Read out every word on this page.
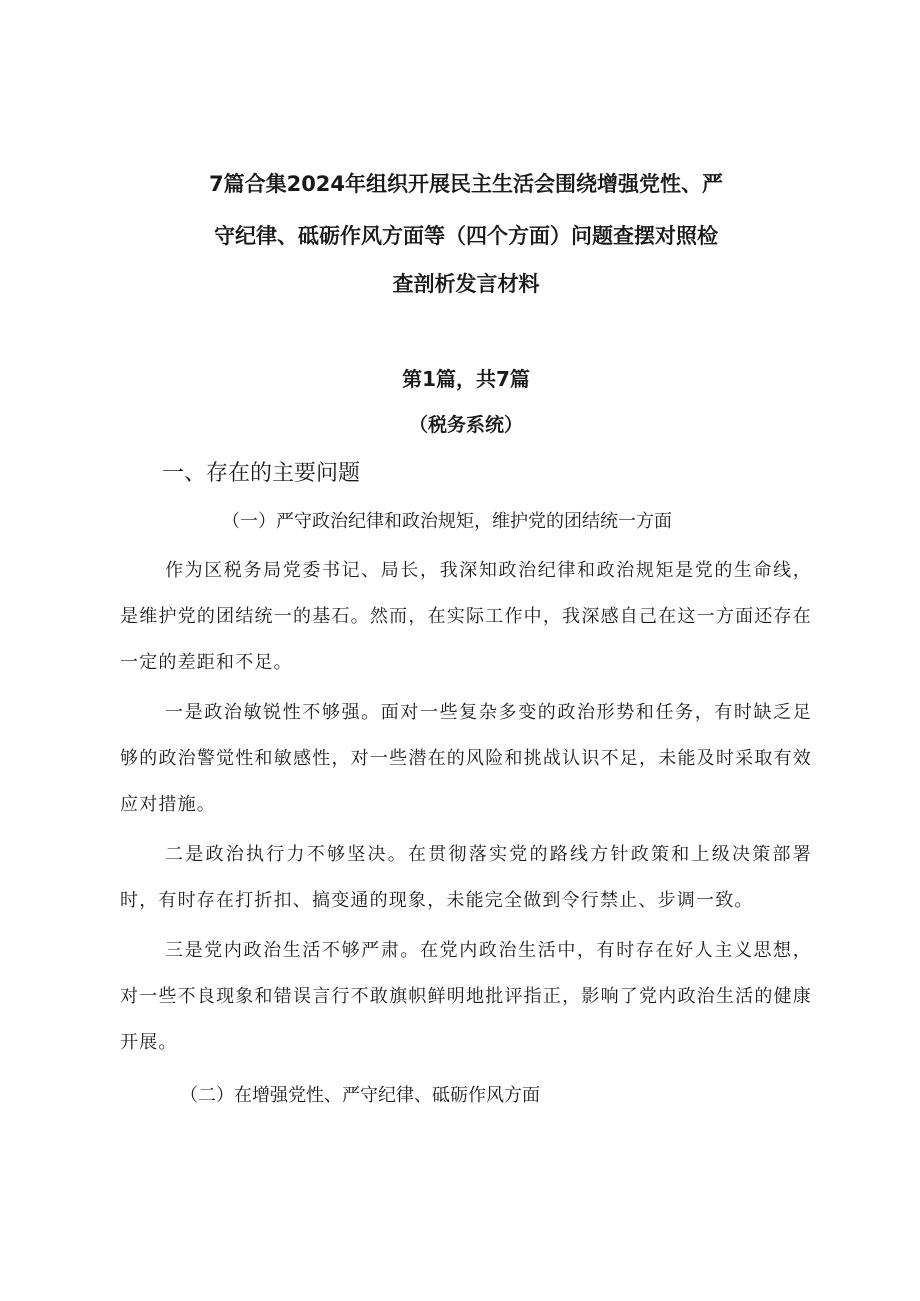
7篇合集2024年组织开展民主生活会围绕增强党性、严
守纪律、砥砺作风方面等（四个方面）问题查摆对照检
查剖析发言材料
第1篇，共7篇
（税务系统）
一、存在的主要问题
（一）严守政治纪律和政治规矩，维护党的团结统一方面
作为区税务局党委书记、局长，我深知政治纪律和政治规矩是党的生命线，是维护党的团结统一的基石。然而，在实际工作中，我深感自己在这一方面还存在一定的差距和不足。
一是政治敏锐性不够强。面对一些复杂多变的政治形势和任务，有时缺乏足够的政治警觉性和敏感性，对一些潜在的风险和挑战认识不足，未能及时采取有效应对措施。
二是政治执行力不够坚决。在贯彻落实党的路线方针政策和上级决策部署时，有时存在打折扣、搞变通的现象，未能完全做到令行禁止、步调一致。
三是党内政治生活不够严肃。在党内政治生活中，有时存在好人主义思想，对一些不良现象和错误言行不敢旗帜鲜明地批评指正，影响了党内政治生活的健康开展。
（二）在增强党性、严守纪律、砥砺作风方面
